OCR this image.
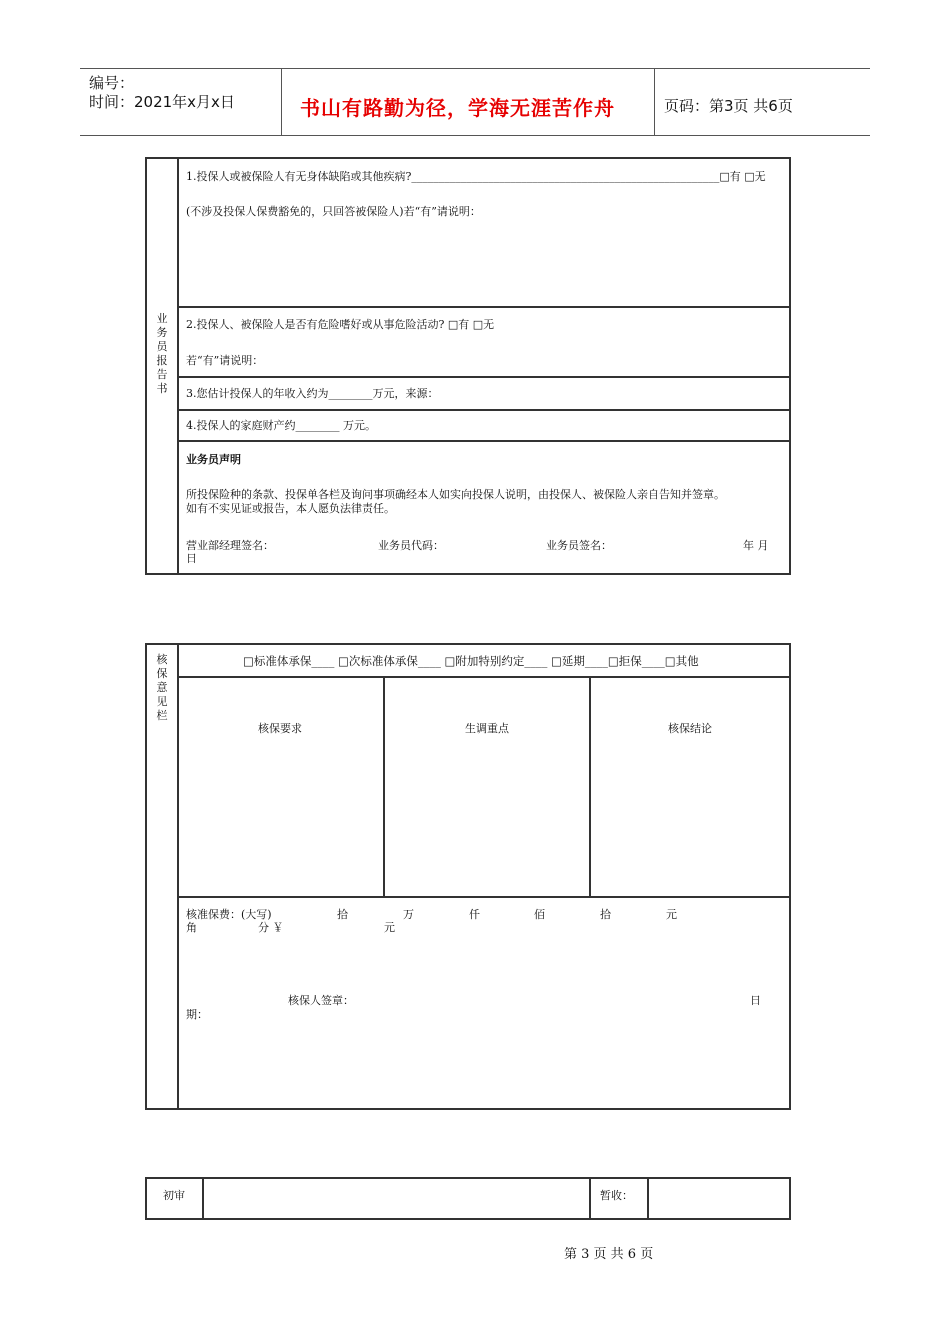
编号：
时间：2021年x月x日	书山有路勤为径，学海无涯苦作舟	页码：第3页 共6页
业务员报告书
1.投保人或被保险人有无身体缺陷或其他疾病?________________________________________________________□有 □无
(不涉及投保人保费豁免的，只回答被保险人)若“有”请说明：
2.投保人、被保险人是否有危险嗜好或从事危险活动? □有 □无
若“有”请说明：
3.您估计投保人的年收入约为________万元，来源：
4.投保人的家庭财产约________ 万元。
业务员声明
所投保险种的条款、投保单各栏及询问事项确经本人如实向投保人说明，由投保人、被保险人亲自告知并签章。
如有不实见证或报告，本人愿负法律责任。
营业部经理签名：	业务员代码：	业务员签名：	年 月
日
核保意见栏
□标准体承保____ □次标准体承保____ □附加特别约定____ □延期____□拒保____□其他
核保要求	生调重点	核保结论
核准保费：(大写)	拾	万	仟	佰	拾	元
角	分 ￥	元
核保人签章：	日
期：
初审	暂收：
第 3 页 共 6 页
